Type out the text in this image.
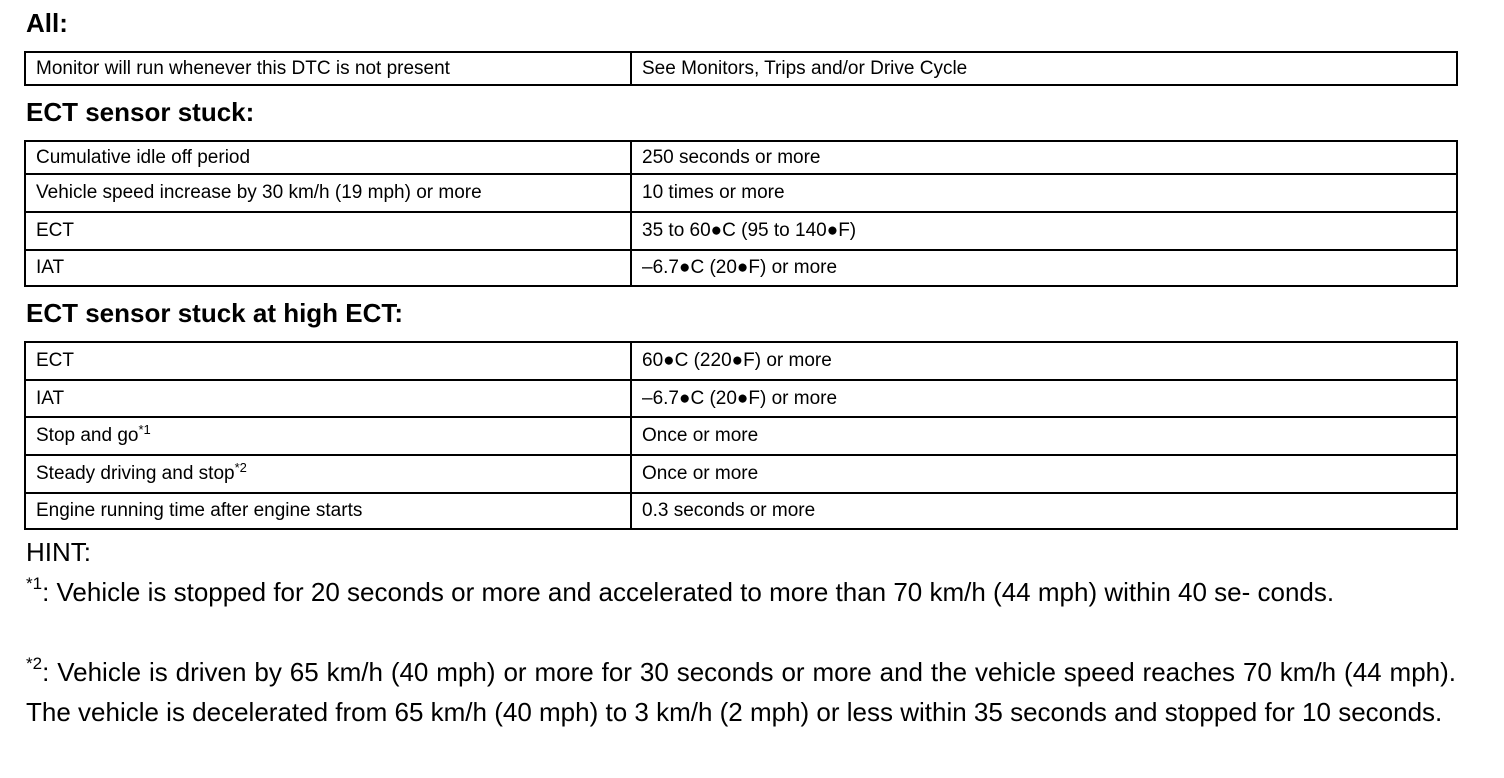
All:
Monitor will run whenever this DTC is not present	See Monitors, Trips and/or Drive Cycle
ECT sensor stuck:
Cumulative idle off period	250 seconds or more
Vehicle speed increase by 30 km/h (19 mph) or more	10 times or more
ECT	35 to 60●C (95 to 140●F)
IAT	–6.7●C (20●F) or more
ECT sensor stuck at high ECT:
ECT	60●C (220●F) or more
IAT	–6.7●C (20●F) or more
Stop and $go^{*1}$	Once or more
Steady driving and stop$^{*2}$	Once or more
Engine running time after engine starts	0.3 seconds or more
HINT:
$^{*1}$: Vehicle is stopped for 20 seconds or more and accelerated to more than 70 km/h (44 mph) within 40 se- conds.
$^{*2}$: Vehicle is driven by 65 km/h (40 mph) or more for 30 seconds or more and the vehicle speed reaches 70 km/h (44 mph). The vehicle is decelerated from 65 km/h (40 mph) to 3 km/h (2 mph) or less within 35 seconds and stopped for 10 seconds.
